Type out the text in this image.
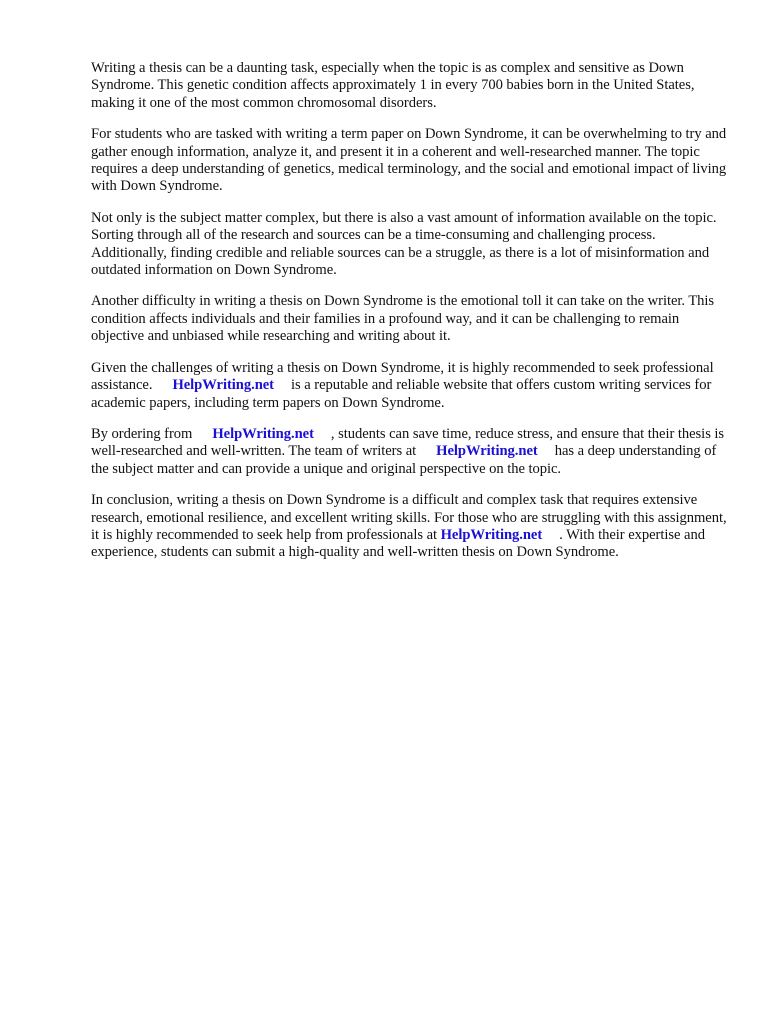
Writing a thesis can be a daunting task, especially when the topic is as complex and sensitive as Down Syndrome. This genetic condition affects approximately 1 in every 700 babies born in the United States, making it one of the most common chromosomal disorders.

For students who are tasked with writing a term paper on Down Syndrome, it can be overwhelming to try and gather enough information, analyze it, and present it in a coherent and well-researched manner. The topic requires a deep understanding of genetics, medical terminology, and the social and emotional impact of living with Down Syndrome.

Not only is the subject matter complex, but there is also a vast amount of information available on the topic. Sorting through all of the research and sources can be a time-consuming and challenging process. Additionally, finding credible and reliable sources can be a struggle, as there is a lot of misinformation and outdated information on Down Syndrome.

Another difficulty in writing a thesis on Down Syndrome is the emotional toll it can take on the writer. This condition affects individuals and their families in a profound way, and it can be challenging to remain objective and unbiased while researching and writing about it.

Given the challenges of writing a thesis on Down Syndrome, it is highly recommended to seek professional assistance. HelpWriting.net is a reputable and reliable website that offers custom writing services for academic papers, including term papers on Down Syndrome.

By ordering from HelpWriting.net , students can save time, reduce stress, and ensure that their thesis is well-researched and well-written. The team of writers at HelpWriting.net has a deep understanding of the subject matter and can provide a unique and original perspective on the topic.

In conclusion, writing a thesis on Down Syndrome is a difficult and complex task that requires extensive research, emotional resilience, and excellent writing skills. For those who are struggling with this assignment, it is highly recommended to seek help from professionals at HelpWriting.net . With their expertise and experience, students can submit a high-quality and well-written thesis on Down Syndrome.
